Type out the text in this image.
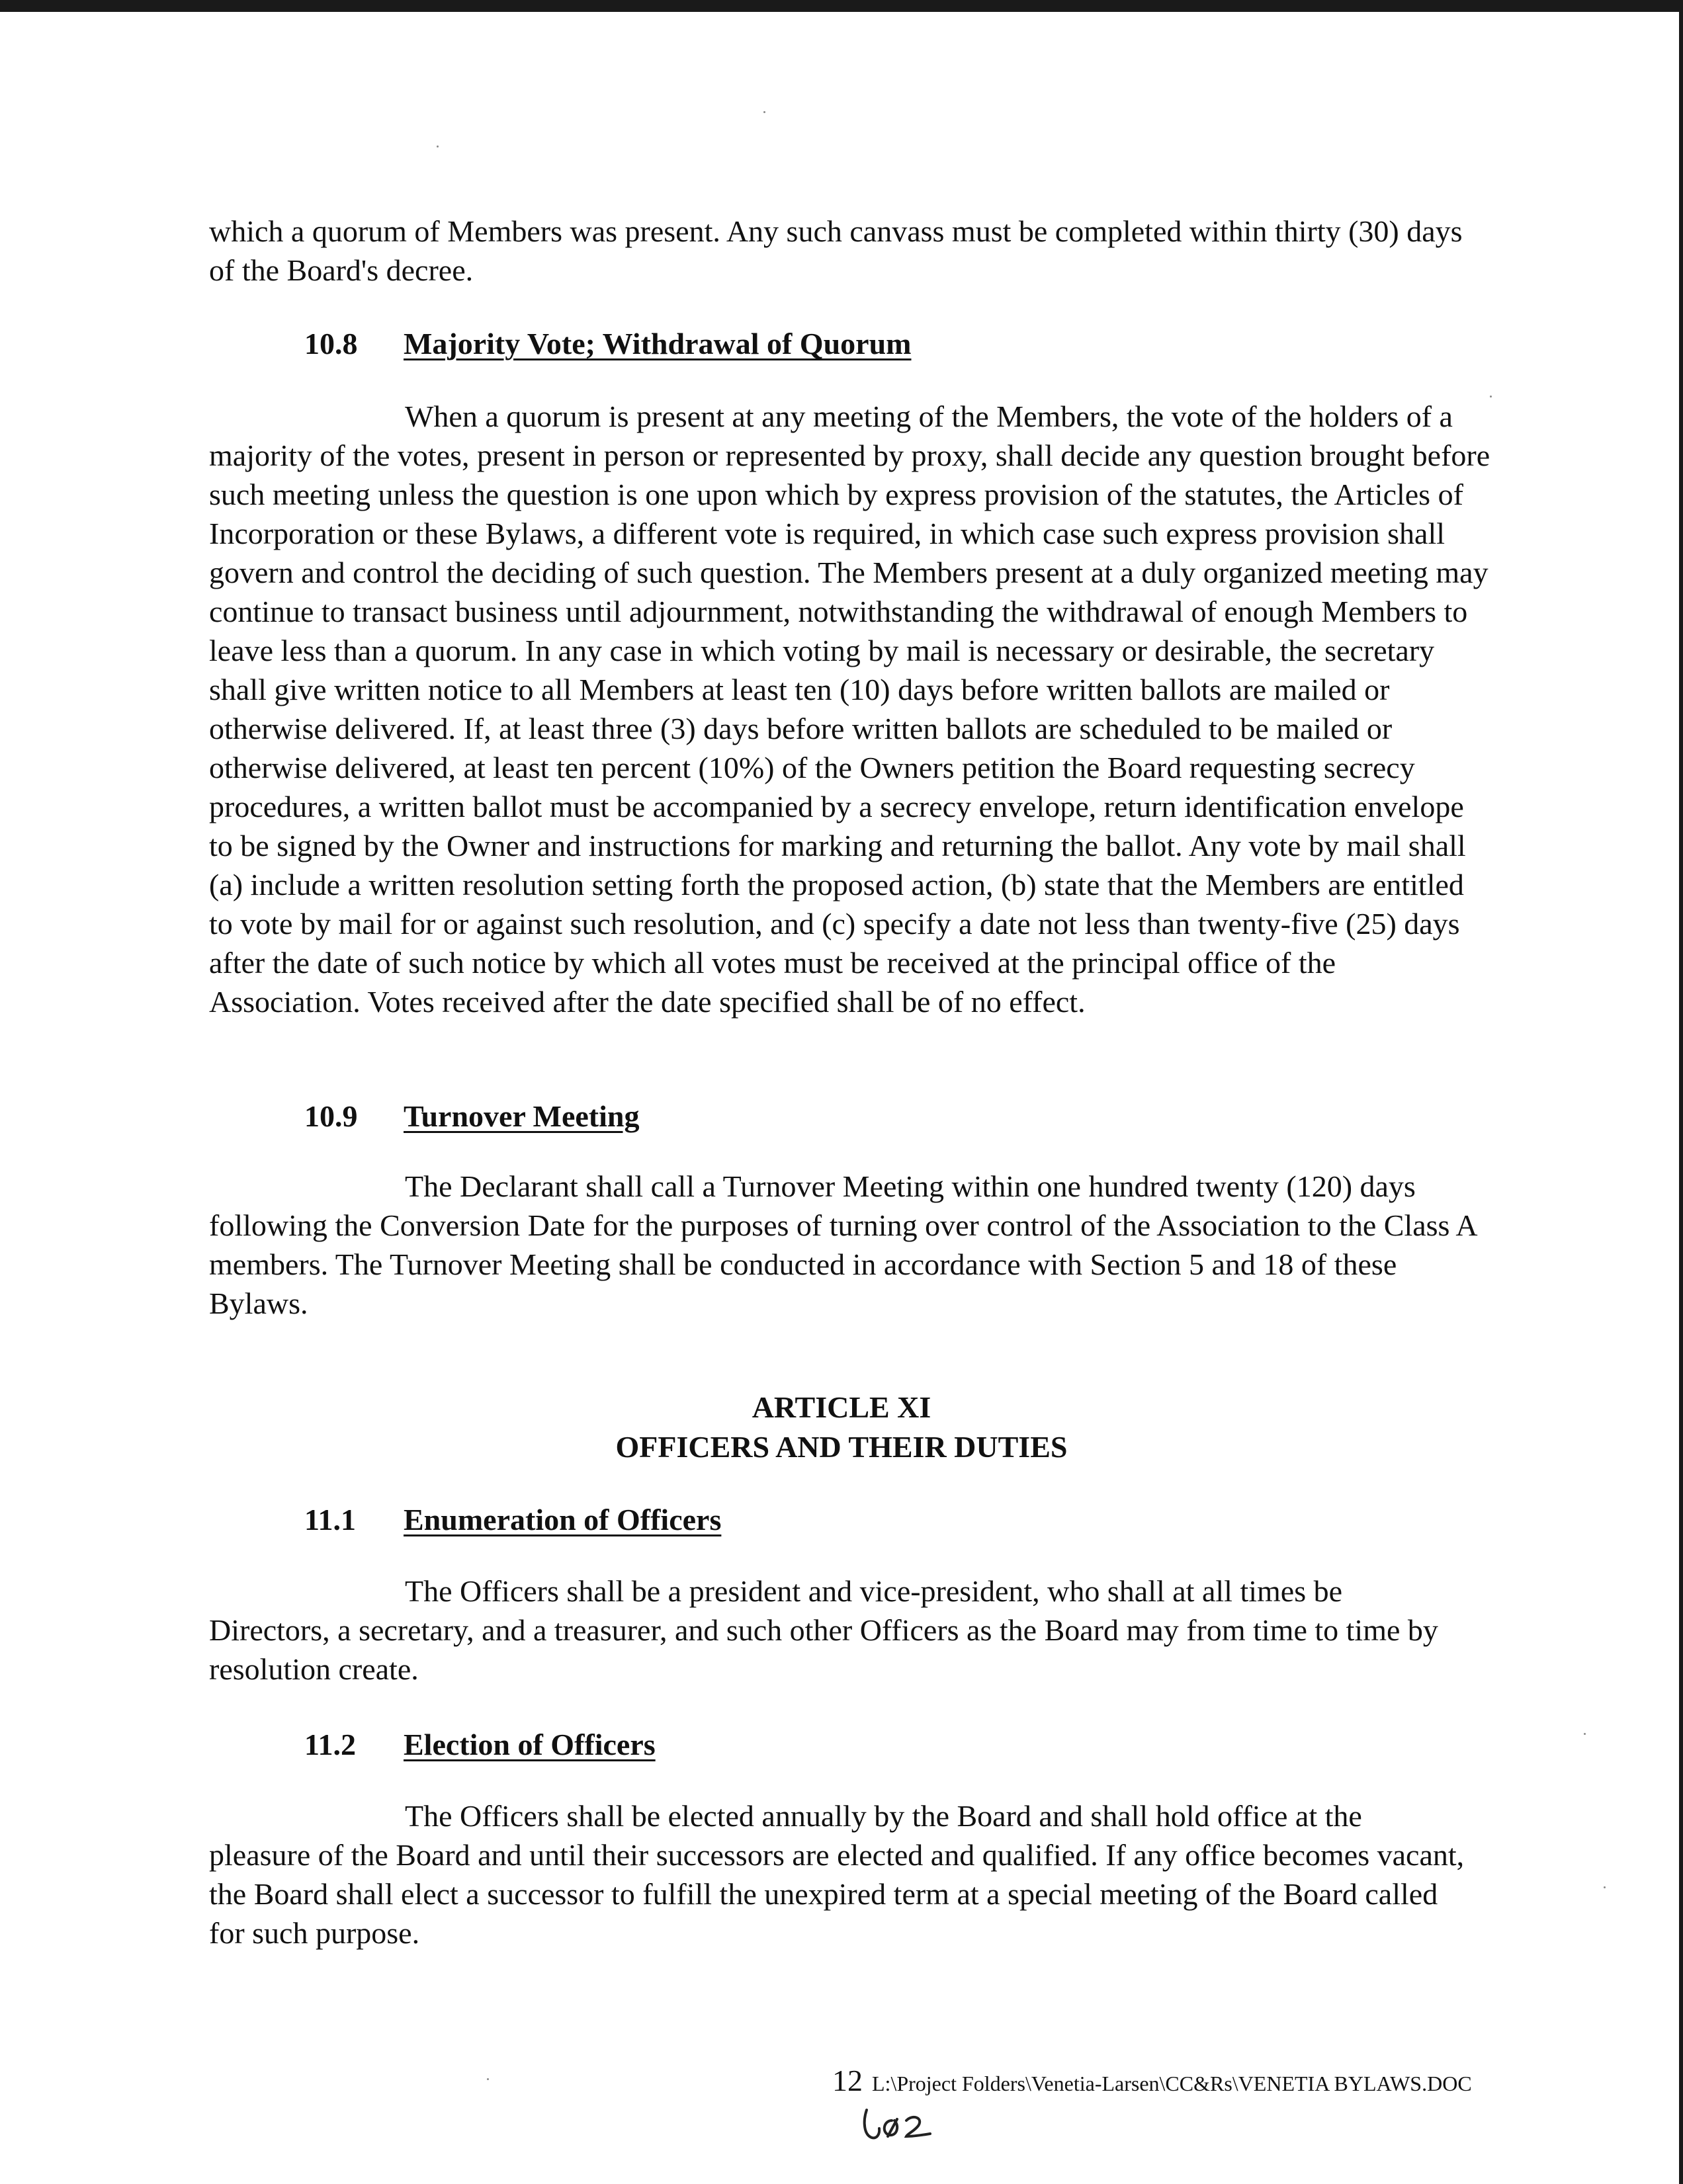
which a quorum of Members was present. Any such canvass must be completed within thirty (30) days of the Board's decree.

10.8 Majority Vote; Withdrawal of Quorum

When a quorum is present at any meeting of the Members, the vote of the holders of a majority of the votes, present in person or represented by proxy, shall decide any question brought before such meeting unless the question is one upon which by express provision of the statutes, the Articles of Incorporation or these Bylaws, a different vote is required, in which case such express provision shall govern and control the deciding of such question. The Members present at a duly organized meeting may continue to transact business until adjournment, notwithstanding the withdrawal of enough Members to leave less than a quorum. In any case in which voting by mail is necessary or desirable, the secretary shall give written notice to all Members at least ten (10) days before written ballots are mailed or otherwise delivered. If, at least three (3) days before written ballots are scheduled to be mailed or otherwise delivered, at least ten percent (10%) of the Owners petition the Board requesting secrecy procedures, a written ballot must be accompanied by a secrecy envelope, return identification envelope to be signed by the Owner and instructions for marking and returning the ballot. Any vote by mail shall (a) include a written resolution setting forth the proposed action, (b) state that the Members are entitled to vote by mail for or against such resolution, and (c) specify a date not less than twenty-five (25) days after the date of such notice by which all votes must be received at the principal office of the Association. Votes received after the date specified shall be of no effect.

10.9 Turnover Meeting

The Declarant shall call a Turnover Meeting within one hundred twenty (120) days following the Conversion Date for the purposes of turning over control of the Association to the Class A members. The Turnover Meeting shall be conducted in accordance with Section 5 and 18 of these Bylaws.

ARTICLE XI

OFFICERS AND THEIR DUTIES

11.1 Enumeration of Officers

The Officers shall be a president and vice-president, who shall at all times be Directors, a secretary, and a treasurer, and such other Officers as the Board may from time to time by resolution create.

11.2 Election of Officers

The Officers shall be elected annually by the Board and shall hold office at the pleasure of the Board and until their successors are elected and qualified. If any office becomes vacant, the Board shall elect a successor to fulfill the unexpired term at a special meeting of the Board called for such purpose.

12 L:\Project Folders\Venetia-Larsen\CC&Rs\VENETIA BYLAWS.DOC
